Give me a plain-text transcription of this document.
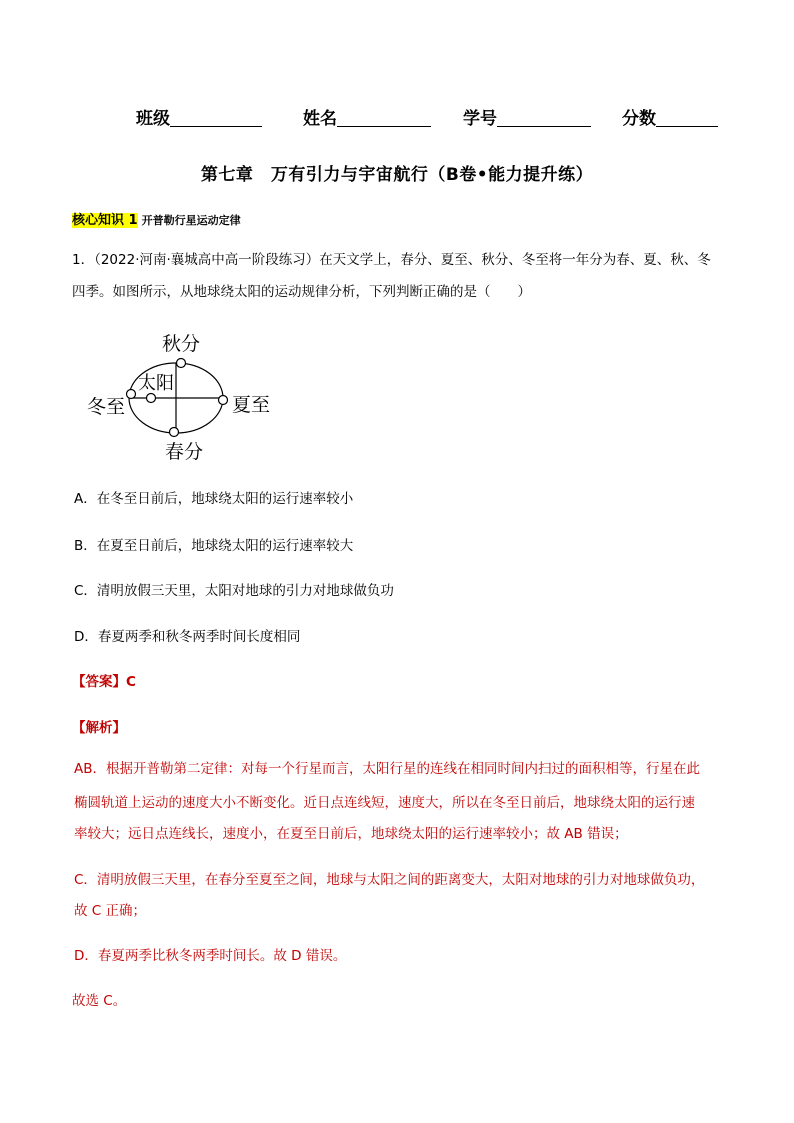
班级	姓名	学号	分数
第七章　万有引力与宇宙航行（B卷•能力提升练）
核心知识 1 开普勒行星运动定律
1．（2022·河南·襄城高中高一阶段练习）在天文学上，春分、夏至、秋分、冬至将一年分为春、夏、秋、冬
四季。如图所示，从地球绕太阳的运动规律分析，下列判断正确的是（　　）
秋分
冬至
太阳
夏至
春分
A．在冬至日前后，地球绕太阳的运行速率较小
B．在夏至日前后，地球绕太阳的运行速率较大
C．清明放假三天里，太阳对地球的引力对地球做负功
D．春夏两季和秋冬两季时间长度相同
【答案】C
【解析】
AB．根据开普勒第二定律：对每一个行星而言，太阳行星的连线在相同时间内扫过的面积相等，行星在此
椭圆轨道上运动的速度大小不断变化。近日点连线短，速度大，所以在冬至日前后，地球绕太阳的运行速
率较大；远日点连线长，速度小，在夏至日前后，地球绕太阳的运行速率较小；故 AB 错误；
C．清明放假三天里，在春分至夏至之间，地球与太阳之间的距离变大，太阳对地球的引力对地球做负功，
故 C 正确；
D．春夏两季比秋冬两季时间长。故 D 错误。
故选 C。
